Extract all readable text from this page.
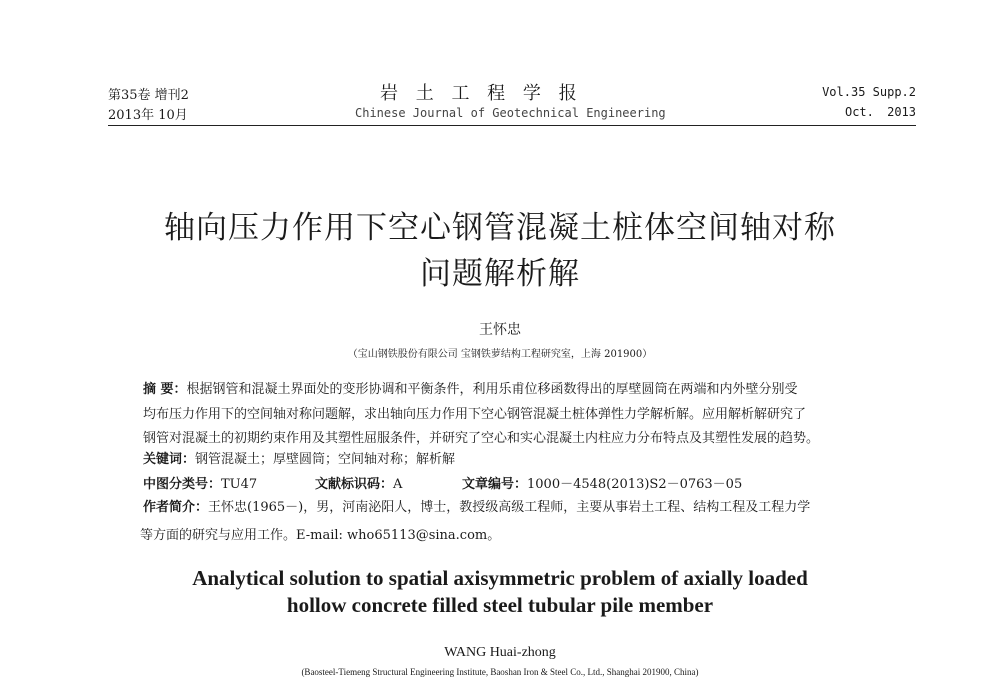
第35卷 增刊2
2013年 10月
岩 土 工 程 学 报
Chinese Journal of Geotechnical Engineering
Vol.35 Supp.2
Oct. 2013
轴向压力作用下空心钢管混凝土桩体空间轴对称
问题解析解
王怀忠
（宝山钢铁股份有限公司 宝钢铁萝结构工程研究室，上海 201900）
摘 要：根据钢管和混凝土界面处的变形协调和平衡条件，利用乐甫位移函数得出的厚壁圆筒在两端和内外壁分别受
均布压力作用下的空间轴对称问题解，求出轴向压力作用下空心钢管混凝土桩体弹性力学解析解。应用解析解研究了
钢管对混凝土的初期约束作用及其塑性屈服条件，并研究了空心和实心混凝土内柱应力分布特点及其塑性发展的趋势。
关键词：钢管混凝土；厚壁圆筒；空间轴对称；解析解
中图分类号：TU47	文献标识码：A	文章编号：1000－4548(2013)S2－0763－05
作者简介：王怀忠(1965－)，男，河南泌阳人，博士，教授级高级工程师，主要从事岩土工程、结构工程及工程力学
等方面的研究与应用工作。E-mail: who65113@sina.com。
Analytical solution to spatial axisymmetric problem of axially loaded
hollow concrete filled steel tubular pile member
WANG Huai-zhong
(Baosteel-Tiemeng Structural Engineering Institute, Baoshan Iron & Steel Co., Ltd., Shanghai 201900, China)
